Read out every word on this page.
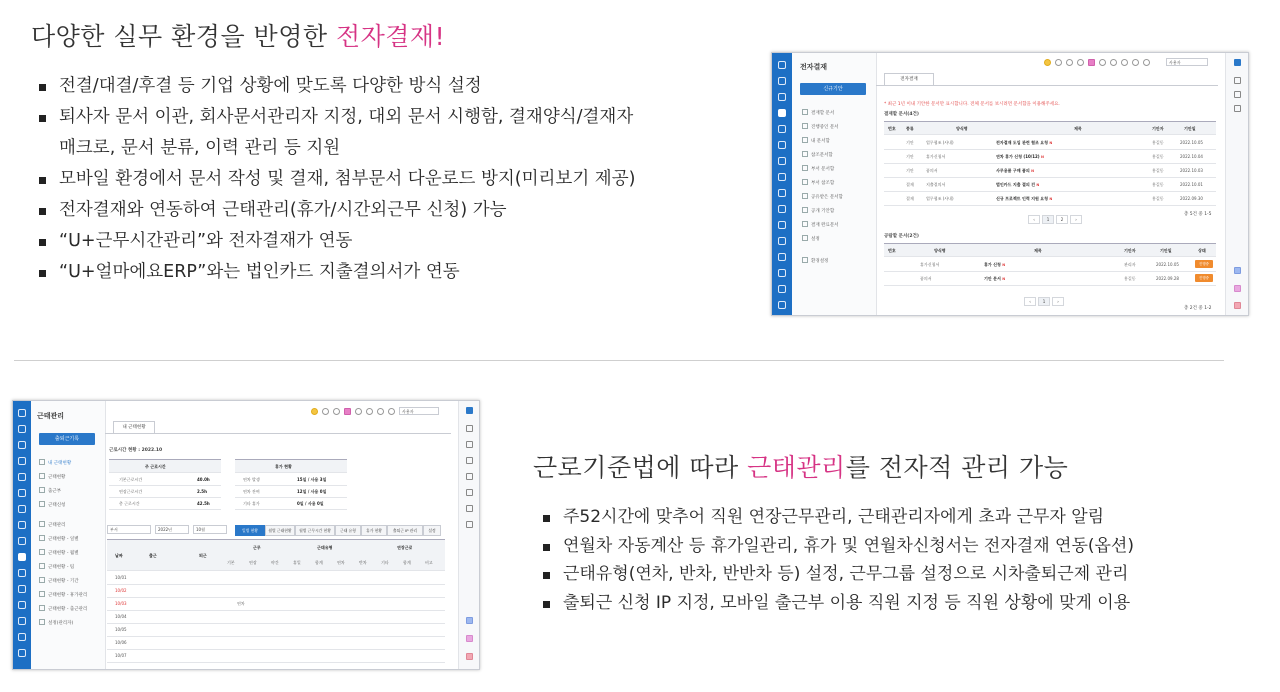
다양한 실무 환경을 반영한 전자결재!
전결/대결/후결 등 기업 상황에 맞도록 다양한 방식 설정
퇴사자 문서 이관, 회사문서관리자 지정, 대외 문서 시행함, 결재양식/결재자
매크로, 문서 분류, 이력 관리 등 지원
모바일 환경에서 문서 작성 및 결재, 첨부문서 다운로드 방지(미리보기 제공)
전자결재와 연동하여 근태관리(휴가/시간외근무 신청) 가능
“U+근무시간관리”와 전자결재가 연동
“U+얼마에요ERP”와는 법인카드 지출결의서가 연동
전자결재
신규기안
결재할 문서
진행중인 문서
내 문서함
참조문서함
부서 문서함
부서 참조함
공유받은 문서함
공개 기안함
결재 완료문서
설정
환경설정
사용자
전자결재
* 최근 1년 이내 기안한 문서만 표시합니다. 전체 문서를 보시려면 문서함을 이용해주세요.
결재할 문서(4건)
번호	종류	양식명	제목	기안자	기안일
기안	업무협조 (사내)	전자결재 도입 관련 협조 요청 N	홍길동	2022.10.05
기안	휴가신청서	연차 휴가 신청 (10/12) N	홍길동	2022.10.04
기안	품의서	사무용품 구매 품의 N	홍길동	2022.10.03
결재	지출결의서	법인카드 지출 결의 건 N	홍길동	2022.10.01
결재	업무협조 (사내)	신규 프로젝트 인력 지원 요청 N	홍길동	2022.09.30
총 5건 중 1-5
‹	1	2	›
공람할 문서(2건)
번호	양식명	제목	기안자	기안일	상태
휴가신청서	휴가 신청 N	관리자	2022.10.05	진행중
품의서	기안 문서 N	홍길동	2022.09.28	진행중
‹	1	›
총 2건 중 1-2
근태관리
출퇴근기록
내 근태현황
근태현황
출근부
근태신청
근태관리
근태현황 - 일별
근태현황 - 월별
근태현황 - 팀
근태현황 - 기간
근태현황 - 휴가관리
근태현황 - 출근관리
설정(관리자)
사용자
내 근태현황
근로시간 현황 : 2022.10
주 근로시간
기본근로시간	40.0h
연장근로시간	2.5h
총 근로시간	42.5h
휴가 현황
연차 발생	15일 / 사용 3일
연차 잔여	12일 / 사용 0일
기타 휴가	0일 / 사용 0일
부서	2022년	10월	일별 현황	월별 근태현황	월별 근무시간 현황	근태 유형	휴가 현황	출퇴근 IP 관리	설정
날짜	출근	퇴근
근무	근태유형	연장근로
기본	연장	야간	휴일	합계	연차	반차	기타	합계	비고
10/01
10/02
10/03	연차
10/04
10/05
10/06
10/07
근로기준법에 따라 근태관리를 전자적 관리 가능
주52시간에 맞추어 직원 연장근무관리, 근태관리자에게 초과 근무자 알림
연월차 자동계산 등 휴가일관리, 휴가 및 연월차신청서는 전자결재 연동(옵션)
근태유형(연차, 반차, 반반차 등) 설정, 근무그룹 설정으로 시차출퇴근제 관리
출퇴근 신청 IP 지정, 모바일 출근부 이용 직원 지정 등 직원 상황에 맞게 이용
